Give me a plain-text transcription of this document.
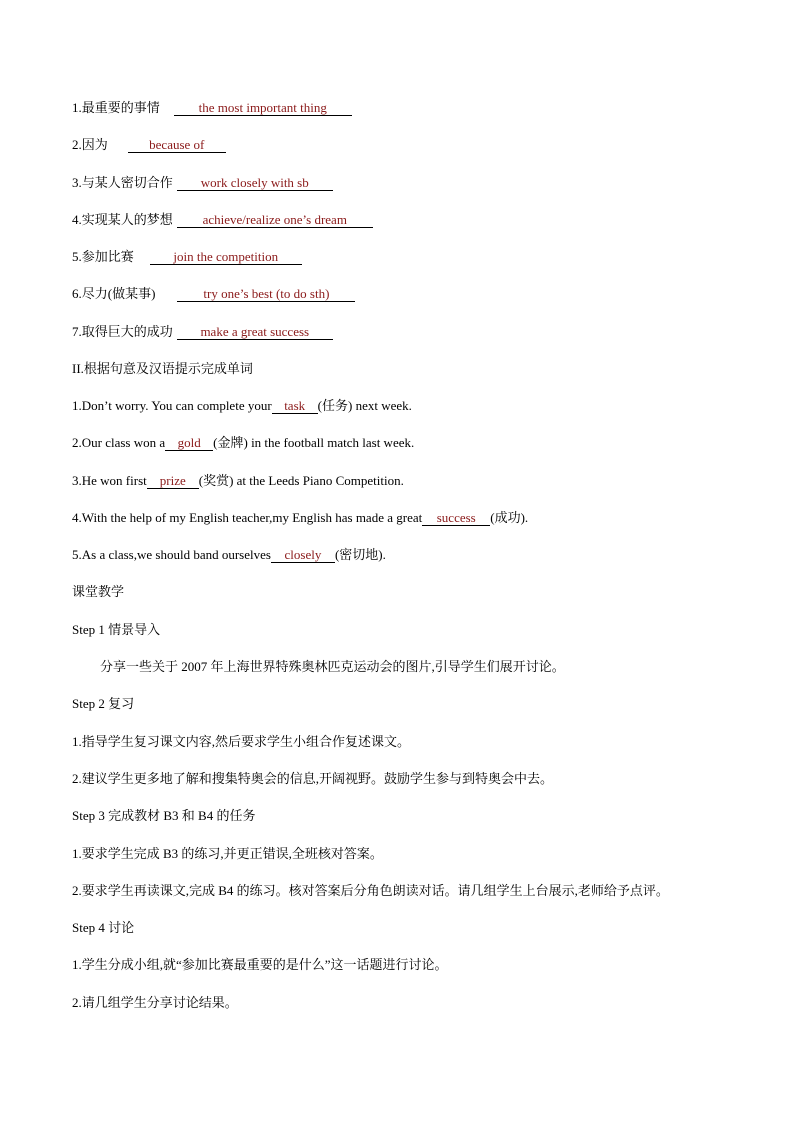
1.最重要的事情	the most important thing
2.因为	because of
3.与某人密切合作 work closely with sb
4.实现某人的梦想 achieve/realize one’s dream
5.参加比赛	join the competition
6.尽力(做某事)	try one’s best (to do sth)
7.取得巨大的成功 make a great success
II.根据句意及汉语提示完成单词
1.Don’t worry. You can complete your task (任务) next week.
2.Our class won a gold (金牌) in the football match last week.
3.He won first prize (奖赏) at the Leeds Piano Competition.
4.With the help of my English teacher,my English has made a great success (成功).
5.As a class,we should band ourselves closely (密切地).
课堂教学
Step 1 情景导入
分享一些关于 2007 年上海世界特殊奥林匹克运动会的图片,引导学生们展开讨论。
Step 2 复习
1.指导学生复习课文内容,然后要求学生小组合作复述课文。
2.建议学生更多地了解和搜集特奥会的信息,开阔视野。鼓励学生参与到特奥会中去。
Step 3 完成教材 B3 和 B4 的任务
1.要求学生完成 B3 的练习,并更正错误,全班核对答案。
2.要求学生再读课文,完成 B4 的练习。核对答案后分角色朗读对话。请几组学生上台展示,老师给予点评。
Step 4 讨论
1.学生分成小组,就“参加比赛最重要的是什么”这一话题进行讨论。
2.请几组学生分享讨论结果。
